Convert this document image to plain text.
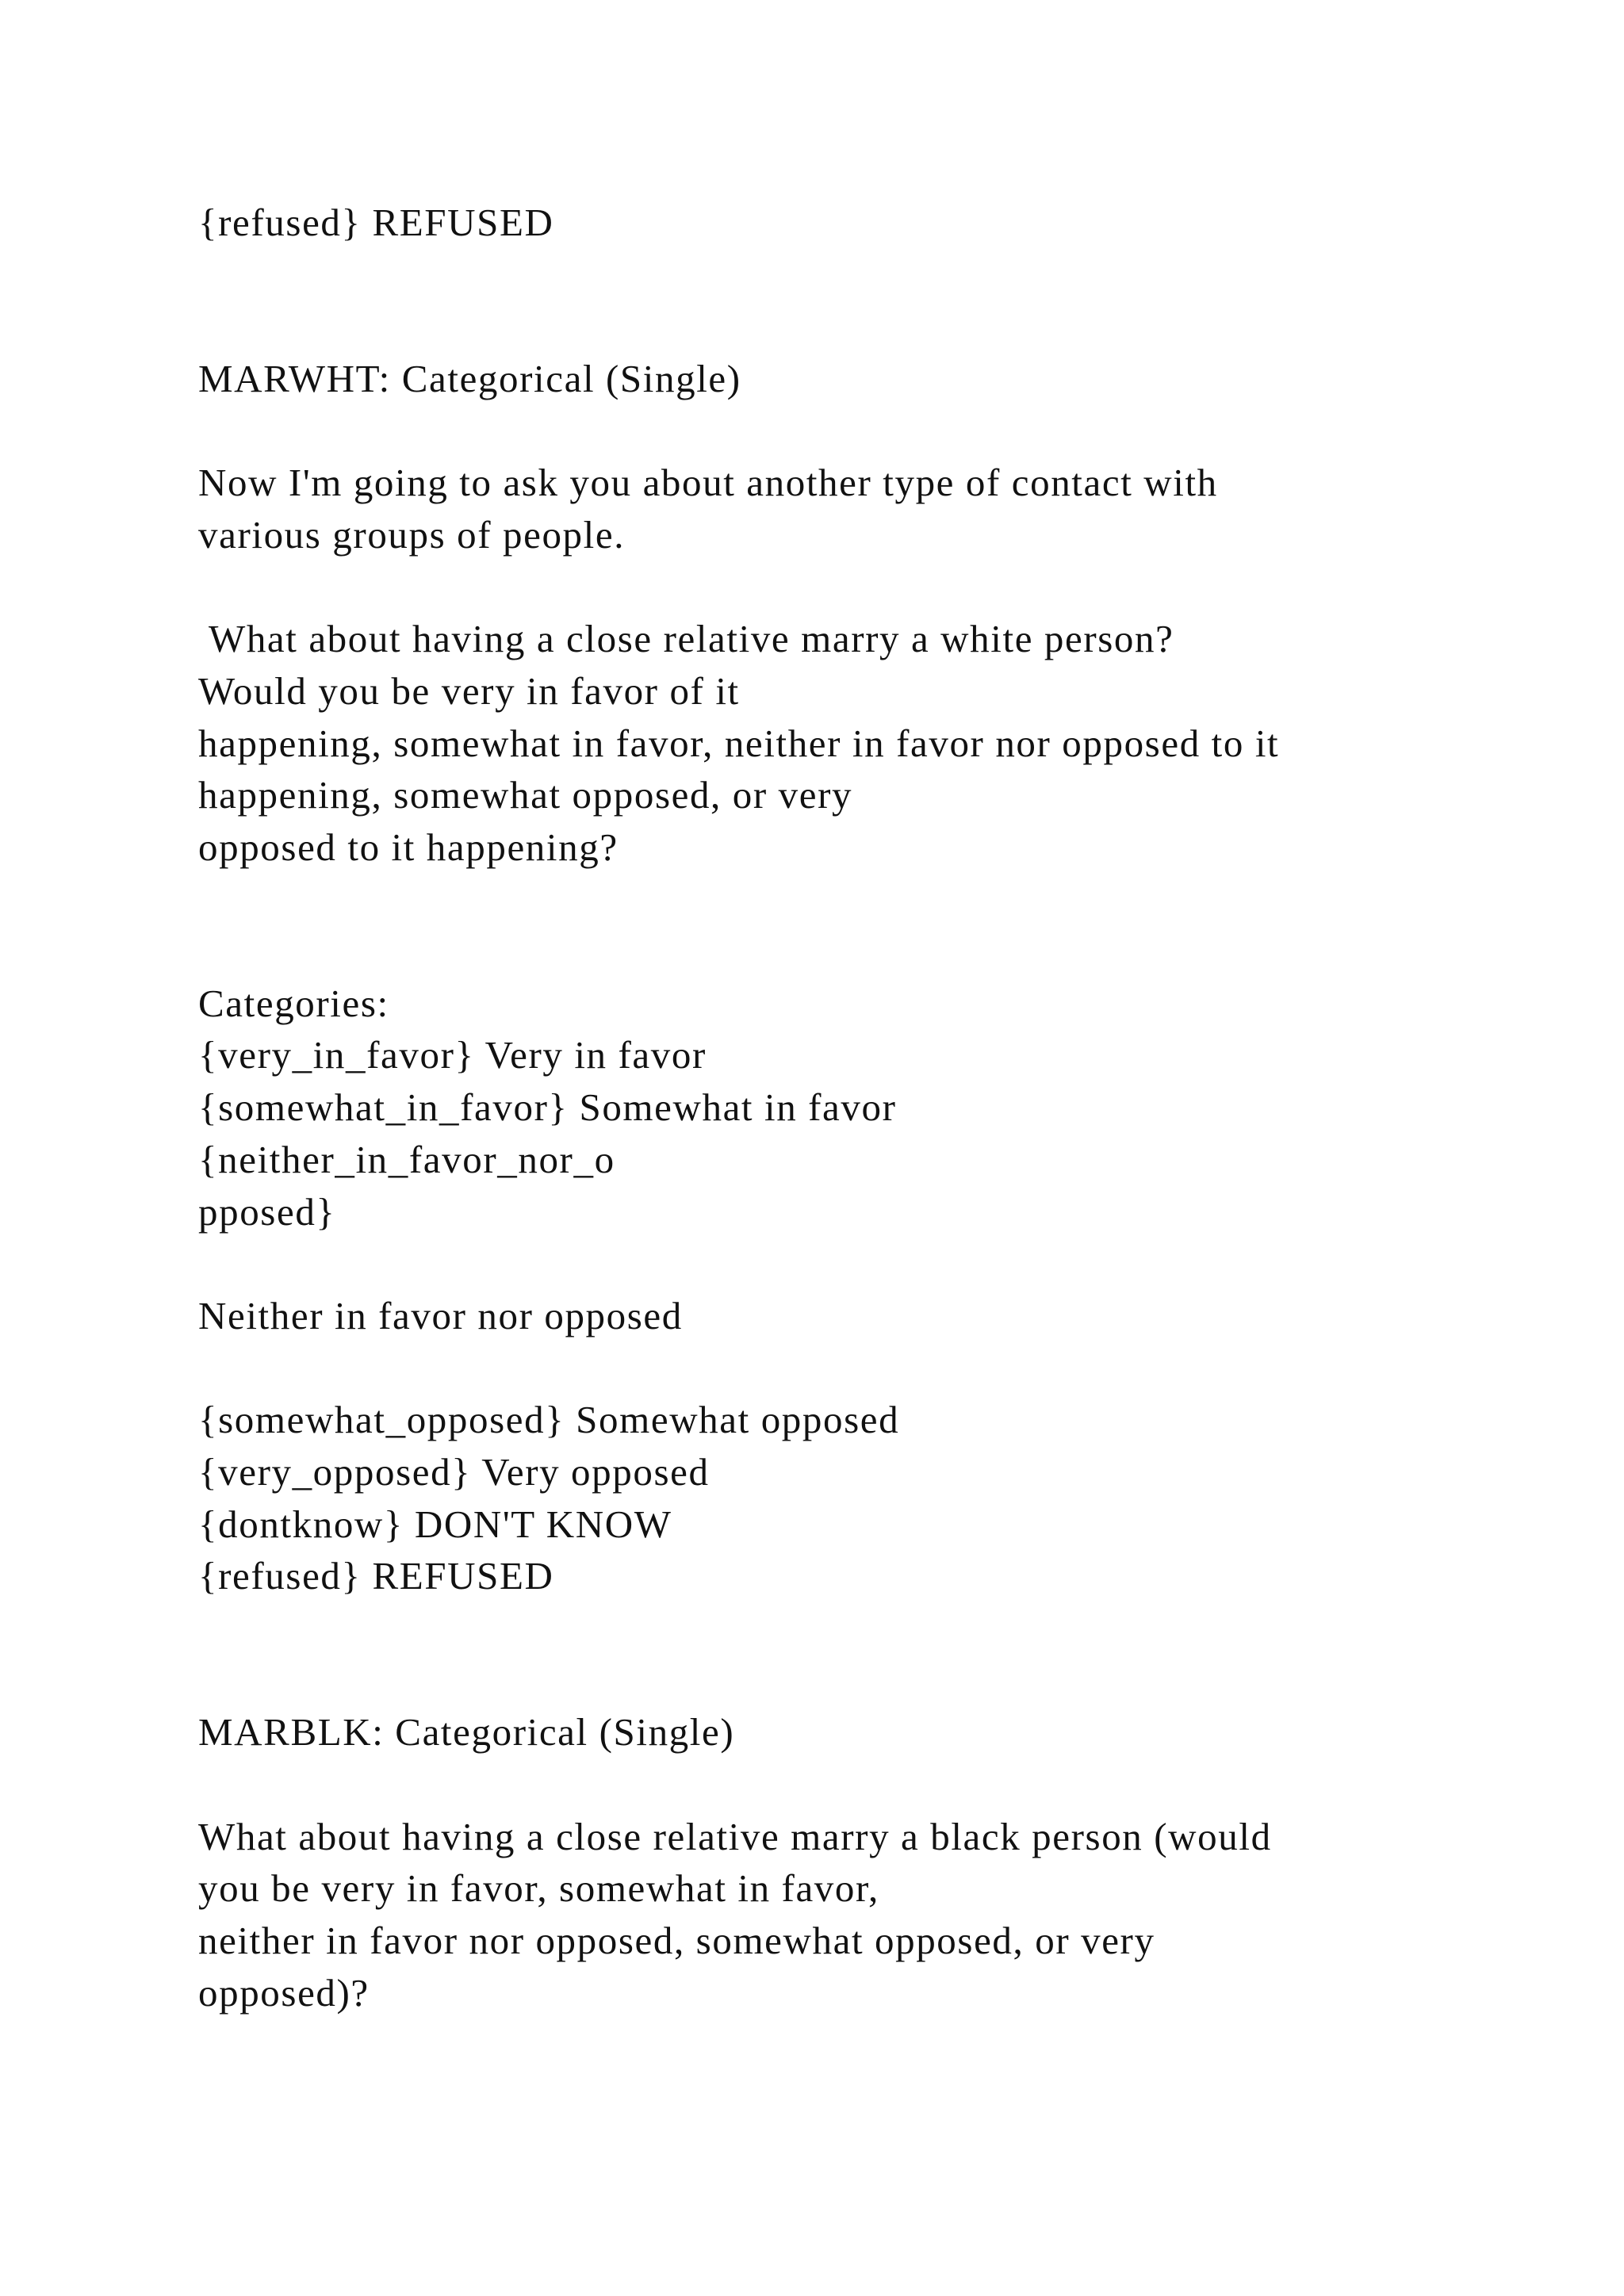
{refused} REFUSED

MARWHT: Categorical (Single)

Now I'm going to ask you about another type of contact with

various groups of people.

What about having a close relative marry a white person?

Would you be very in favor of it

happening, somewhat in favor, neither in favor nor opposed to it

happening, somewhat opposed, or very

opposed to it happening?

Categories:

{very_in_favor} Very in favor

{somewhat_in_favor} Somewhat in favor

{neither_in_favor_nor_o

pposed}

Neither in favor nor opposed

{somewhat_opposed} Somewhat opposed

{very_opposed} Very opposed

{dontknow} DON'T KNOW

{refused} REFUSED

MARBLK: Categorical (Single)

What about having a close relative marry a black person (would

you be very in favor, somewhat in favor,

neither in favor nor opposed, somewhat opposed, or very

opposed)?
